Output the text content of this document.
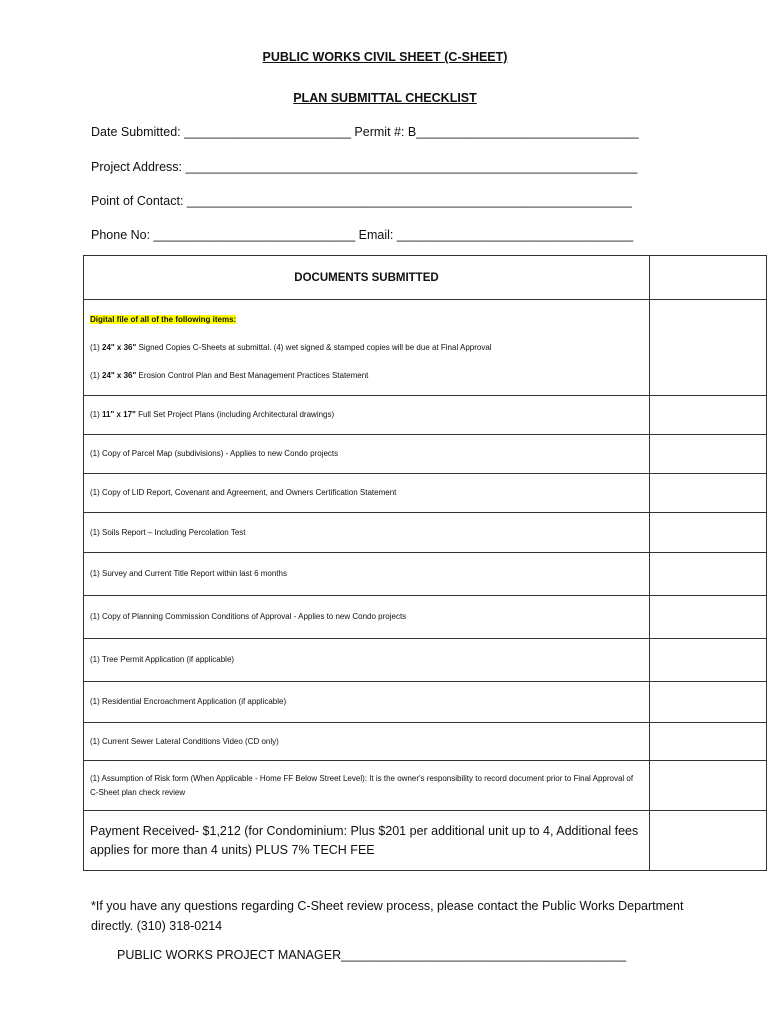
PUBLIC WORKS CIVIL SHEET (C-SHEET)
PLAN SUBMITTAL CHECKLIST
Date Submitted: ________________________ Permit #: B________________________________
Project Address: _________________________________________________________________
Point of Contact: ________________________________________________________________
Phone No: _____________________________ Email: __________________________________
DOCUMENTS SUBMITTED	

Digital file of all of the following items:
(1) 24" x 36" Signed Copies C-Sheets at submittal. (4) wet signed & stamped copies will be due at Final Approval
(1) 24" x 36" Erosion Control Plan and Best Management Practices Statement	

(1) 11" x 17" Full Set Project Plans (including Architectural drawings)	
(1) Copy of Parcel Map (subdivisions) - Applies to new Condo projects	
(1) Copy of LID Report, Covenant and Agreement, and Owners Certification Statement	
(1) Soils Report – Including Percolation Test	
(1) Survey and Current Title Report within last 6 months	
(1) Copy of Planning Commission Conditions of Approval - Applies to new Condo projects	
(1) Tree Permit Application (if applicable)	
(1) Residential Encroachment Application (if applicable)	
(1) Current Sewer Lateral Conditions Video (CD only)	
(1) Assumption of Risk form (When Applicable - Home FF Below Street Level): It is the owner's responsibility to record document prior to Final Approval of C-Sheet plan check review	
Payment Received- $1,212 (for Condominium: Plus $201 per additional unit up to 4, Additional fees applies for more than 4 units) PLUS 7% TECH FEE	
*If you have any questions regarding C-Sheet review process, please contact the Public Works Department directly. (310) 318-0214
PUBLIC WORKS PROJECT MANAGER_________________________________________
